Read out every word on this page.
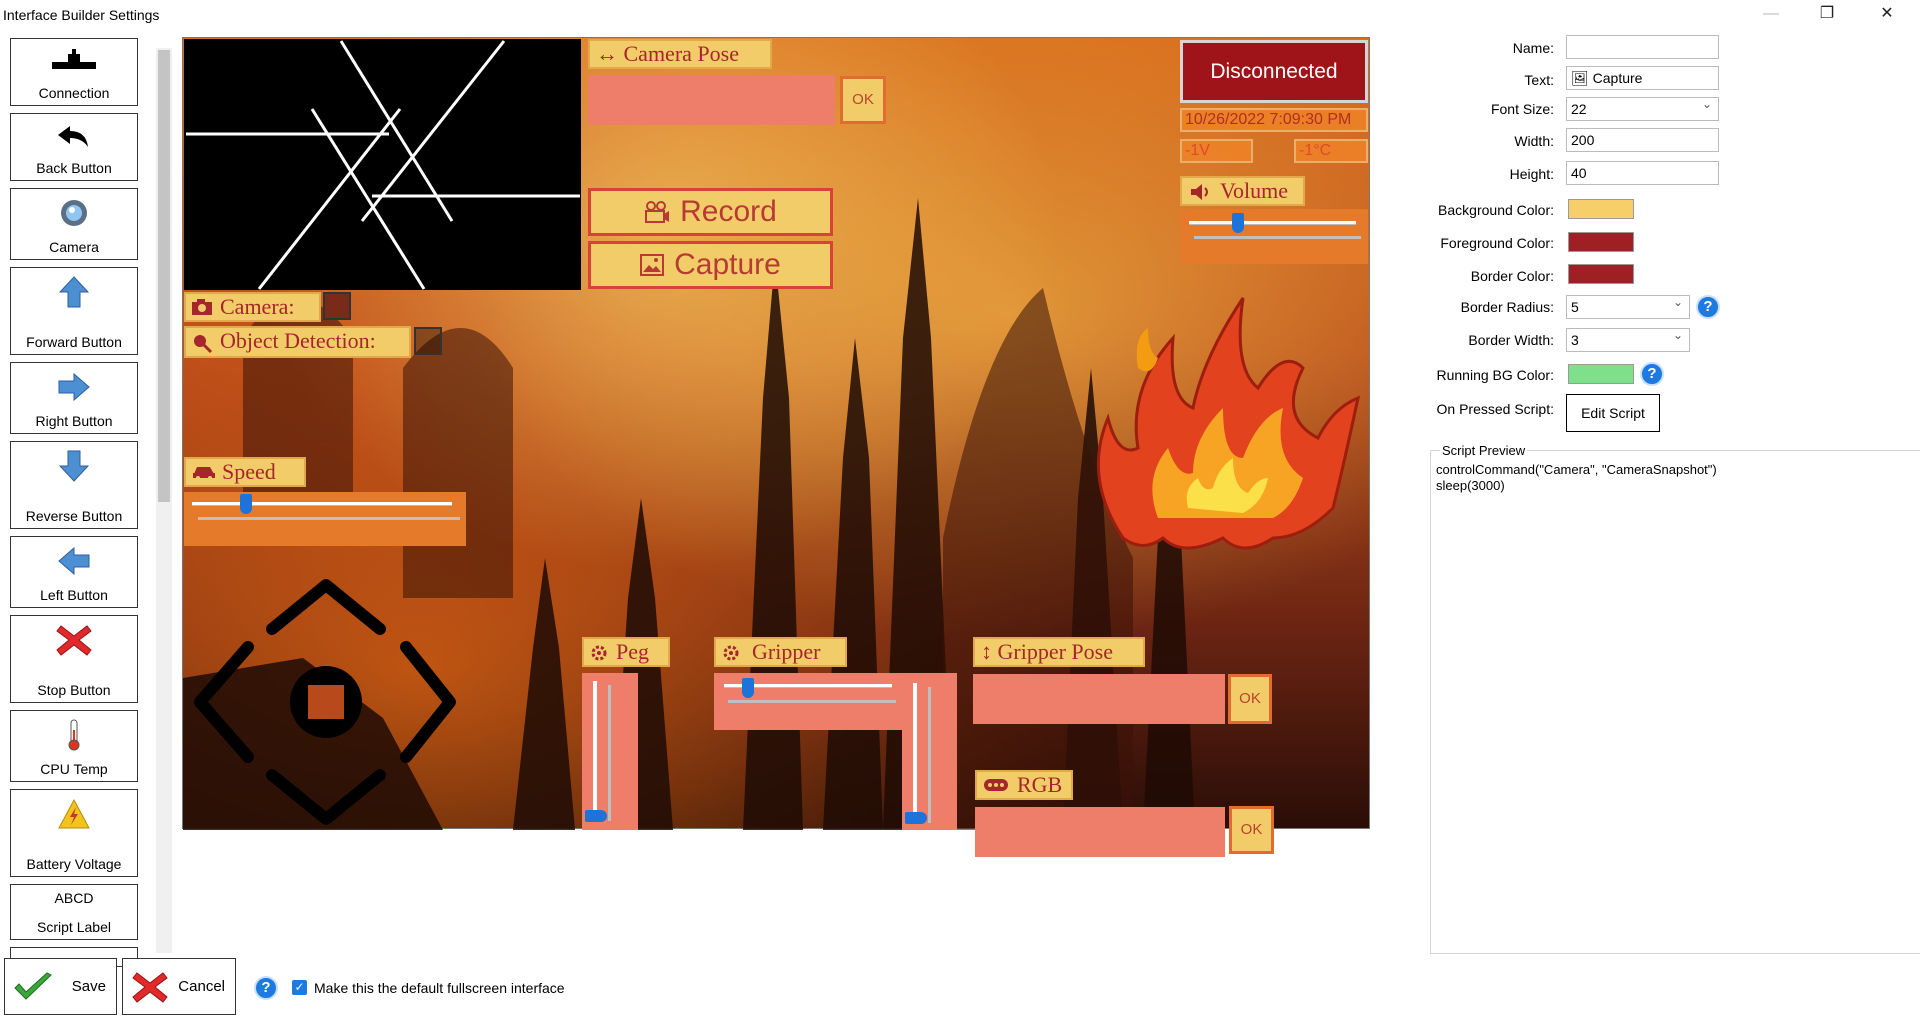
Interface Builder Settings	—	❐	✕
Connection
Back Button
Camera
Forward Button
Right Button
Reverse Button
Left Button
Stop Button
CPU Temp
Battery Voltage
ABCD
Script Label
↔ Camera Pose
OK
Record
Capture
Camera:
Object Detection:
Speed
Peg	Gripper	↕ Gripper Pose
OK
RGB
OK
Disconnected
10/26/2022 7:09:30 PM
-1V	-1°C
Volume
Name:
Text:	🖼 Capture
Font Size:	22 ⌄
Width:	200
Height:	40
Background Color:
Foreground Color:
Border Color:
Border Radius:	5 ⌄	?
Border Width:	3 ⌄
Running BG Color:	?
On Pressed Script:	Edit Script
Script Preview
controlCommand("Camera", "CameraSnapshot")
sleep(3000)
Save	Cancel	?	✓ Make this the default fullscreen interface
